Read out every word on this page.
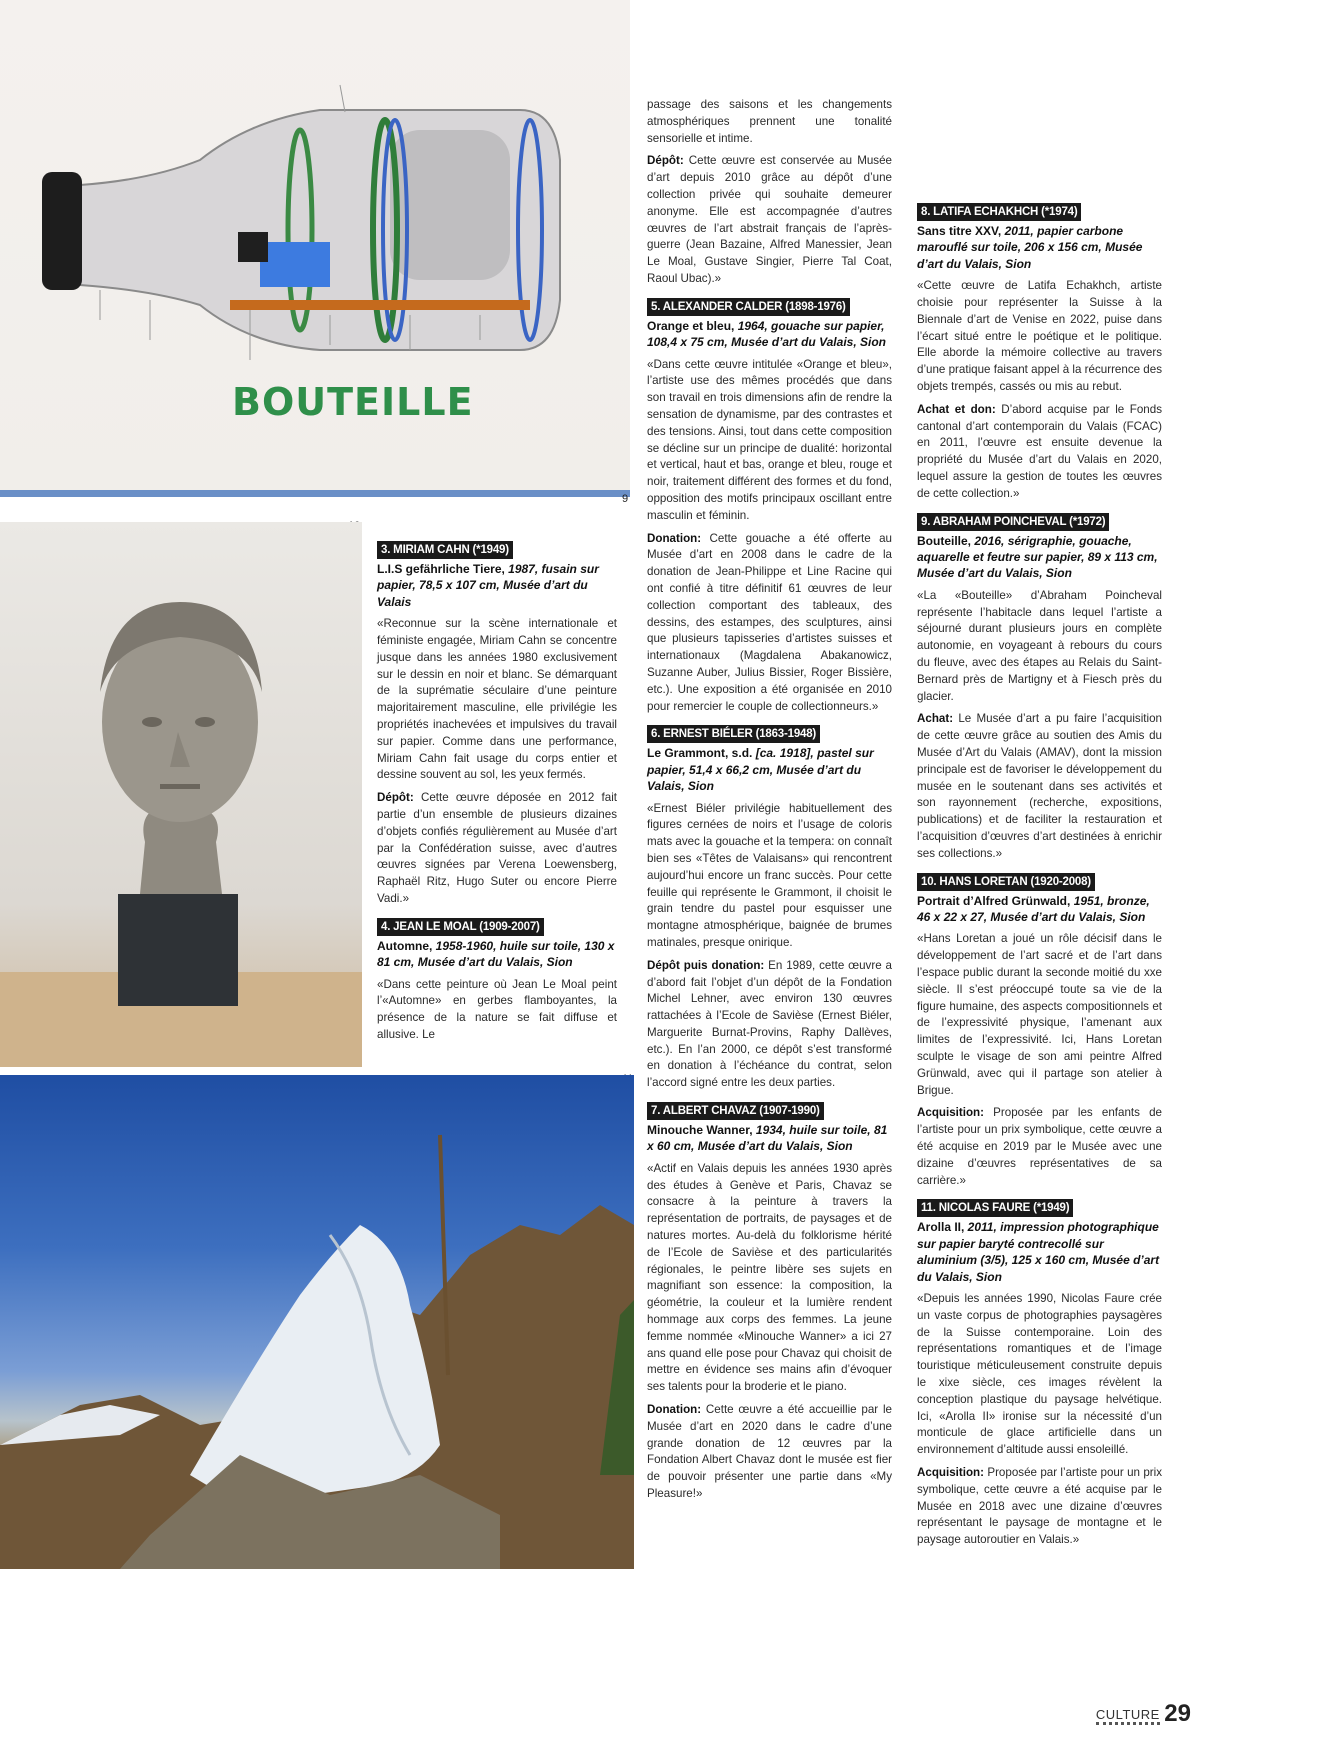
BOUTEILLE
9
3. MIRIAM CAHN (*1949)
L.I.S gefährliche Tiere, 1987, fusain sur papier, 78,5 x 107 cm, Musée d’art du Valais

«Reconnue sur la scène internationale et féministe engagée, Miriam Cahn se concentre jusque dans les années 1980 exclusivement sur le dessin en noir et blanc. Se démarquant de la suprématie séculaire d’une peinture majoritairement masculine, elle privilégie les propriétés inachevées et impulsives du travail sur papier. Comme dans une performance, Miriam Cahn fait usage du corps entier et dessine souvent au sol, les yeux fermés.

Dépôt: Cette œuvre déposée en 2012 fait partie d’un ensemble de plusieurs dizaines d’objets confiés régulièrement au Musée d’art par la Confédération suisse, avec d’autres œuvres signées par Verena Loewensberg, Raphaël Ritz, Hugo Suter ou encore Pierre Vadi.»

4. JEAN LE MOAL (1909-2007)
Automne, 1958-1960, huile sur toile, 130 x 81 cm, Musée d’art du Valais, Sion

«Dans cette peinture où Jean Le Moal peint l’«Automne» en gerbes flamboyantes, la présence de la nature se fait diffuse et allusive. Le

passage des saisons et les changements atmosphériques prennent une tonalité sensorielle et intime.

Dépôt: Cette œuvre est conservée au Musée d’art depuis 2010 grâce au dépôt d’une collection privée qui souhaite demeurer anonyme. Elle est accompagnée d’autres œuvres de l’art abstrait français de l’après-guerre (Jean Bazaine, Alfred Manessier, Jean Le Moal, Gustave Singier, Pierre Tal Coat, Raoul Ubac).»

5. ALEXANDER CALDER (1898-1976)
Orange et bleu, 1964, gouache sur papier, 108,4 x 75 cm, Musée d’art du Valais, Sion

«Dans cette œuvre intitulée «Orange et bleu», l’artiste use des mêmes procédés que dans son travail en trois dimensions afin de rendre la sensation de dynamisme, par des contrastes et des tensions. Ainsi, tout dans cette composition se décline sur un principe de dualité: horizontal et vertical, haut et bas, orange et bleu, rouge et noir, traitement différent des formes et du fond, opposition des motifs principaux oscillant entre masculin et féminin.

Donation: Cette gouache a été offerte au Musée d’art en 2008 dans le cadre de la donation de Jean-Philippe et Line Racine qui ont confié à titre définitif 61 œuvres de leur collection comportant des tableaux, des dessins, des estampes, des sculptures, ainsi que plusieurs tapisseries d’artistes suisses et internationaux (Magdalena Abakanowicz, Suzanne Auber, Julius Bissier, Roger Bissière, etc.). Une exposition a été organisée en 2010 pour remercier le couple de collectionneurs.»

6. ERNEST BIÉLER (1863-1948)
Le Grammont, s.d. [ca. 1918], pastel sur papier, 51,4 x 66,2 cm, Musée d’art du Valais, Sion

«Ernest Biéler privilégie habituellement des figures cernées de noirs et l’usage de coloris mats avec la gouache et la tempera: on connaît bien ses «Têtes de Valaisans» qui rencontrent aujourd’hui encore un franc succès. Pour cette feuille qui représente le Grammont, il choisit le grain tendre du pastel pour esquisser une montagne atmosphérique, baignée de brumes matinales, presque onirique.

Dépôt puis donation: En 1989, cette œuvre a d’abord fait l’objet d’un dépôt de la Fondation Michel Lehner, avec environ 130 œuvres rattachées à l’Ecole de Savièse (Ernest Biéler, Marguerite Burnat-Provins, Raphy Dallèves, etc.). En l’an 2000, ce dépôt s’est transformé en donation à l’échéance du contrat, selon l’accord signé entre les deux parties.

7. ALBERT CHAVAZ (1907-1990)
Minouche Wanner, 1934, huile sur toile, 81 x 60 cm, Musée d’art du Valais, Sion

«Actif en Valais depuis les années 1930 après des études à Genève et Paris, Chavaz se consacre à la peinture à travers la représentation de portraits, de paysages et de natures mortes. Au-delà du folklorisme hérité de l’Ecole de Savièse et des particularités régionales, le peintre libère ses sujets en magnifiant son essence: la composition, la géométrie, la couleur et la lumière rendent hommage aux corps des femmes. La jeune femme nommée «Minouche Wanner» a ici 27 ans quand elle pose pour Chavaz qui choisit de mettre en évidence ses mains afin d’évoquer ses talents pour la broderie et le piano.

Donation: Cette œuvre a été accueillie par le Musée d’art en 2020 dans le cadre d’une grande donation de 12 œuvres par la Fondation Albert Chavaz dont le musée est fier de pouvoir présenter une partie dans «My Pleasure!»

8. LATIFA ECHAKHCH (*1974)
Sans titre XXV, 2011, papier carbone marouflé sur toile, 206 x 156 cm, Musée d’art du Valais, Sion

«Cette œuvre de Latifa Echakhch, artiste choisie pour représenter la Suisse à la Biennale d’art de Venise en 2022, puise dans l’écart situé entre le poétique et le politique. Elle aborde la mémoire collective au travers d’une pratique faisant appel à la récurrence des objets trempés, cassés ou mis au rebut.

Achat et don: D’abord acquise par le Fonds cantonal d’art contemporain du Valais (FCAC) en 2011, l’œuvre est ensuite devenue la propriété du Musée d’art du Valais en 2020, lequel assure la gestion de toutes les œuvres de cette collection.»

9. ABRAHAM POINCHEVAL (*1972)
Bouteille, 2016, sérigraphie, gouache, aquarelle et feutre sur papier, 89 x 113 cm, Musée d’art du Valais, Sion

«La «Bouteille» d’Abraham Poincheval représente l’habitacle dans lequel l’artiste a séjourné durant plusieurs jours en complète autonomie, en voyageant à rebours du cours du fleuve, avec des étapes au Relais du Saint-Bernard près de Martigny et à Fiesch près du glacier.

Achat: Le Musée d’art a pu faire l’acquisition de cette œuvre grâce au soutien des Amis du Musée d’Art du Valais (AMAV), dont la mission principale est de favoriser le développement du musée en le soutenant dans ses activités et son rayonnement (recherche, expositions, publications) et de faciliter la restauration et l’acquisition d’œuvres d’art destinées à enrichir ses collections.»

10. HANS LORETAN (1920-2008)
Portrait d’Alfred Grünwald, 1951, bronze, 46 x 22 x 27, Musée d’art du Valais, Sion

«Hans Loretan a joué un rôle décisif dans le développement de l’art sacré et de l’art dans l’espace public durant la seconde moitié du xxe siècle. Il s’est préoccupé toute sa vie de la figure humaine, des aspects compositionnels et de l’expressivité physique, l’amenant aux limites de l’expressivité. Ici, Hans Loretan sculpte le visage de son ami peintre Alfred Grünwald, avec qui il partage son atelier à Brigue.

Acquisition: Proposée par les enfants de l’artiste pour un prix symbolique, cette œuvre a été acquise en 2019 par le Musée avec une dizaine d’œuvres représentatives de sa carrière.»

11. NICOLAS FAURE (*1949)
Arolla II, 2011, impression photographique sur papier baryté contrecollé sur aluminium (3/5), 125 x 160 cm, Musée d’art du Valais, Sion

«Depuis les années 1990, Nicolas Faure crée un vaste corpus de photographies paysagères de la Suisse contemporaine. Loin des représentations romantiques et de l’image touristique méticuleusement construite depuis le xixe siècle, ces images révèlent la conception plastique du paysage helvétique. Ici, «Arolla II» ironise sur la nécessité d’un monticule de glace artificielle dans un environnement d’altitude aussi ensoleillé.

Acquisition: Proposée par l’artiste pour un prix symbolique, cette œuvre a été acquise par le Musée en 2018 avec une dizaine d’œuvres représentant le paysage de montagne et le paysage autoroutier en Valais.»

CULTURE 29
